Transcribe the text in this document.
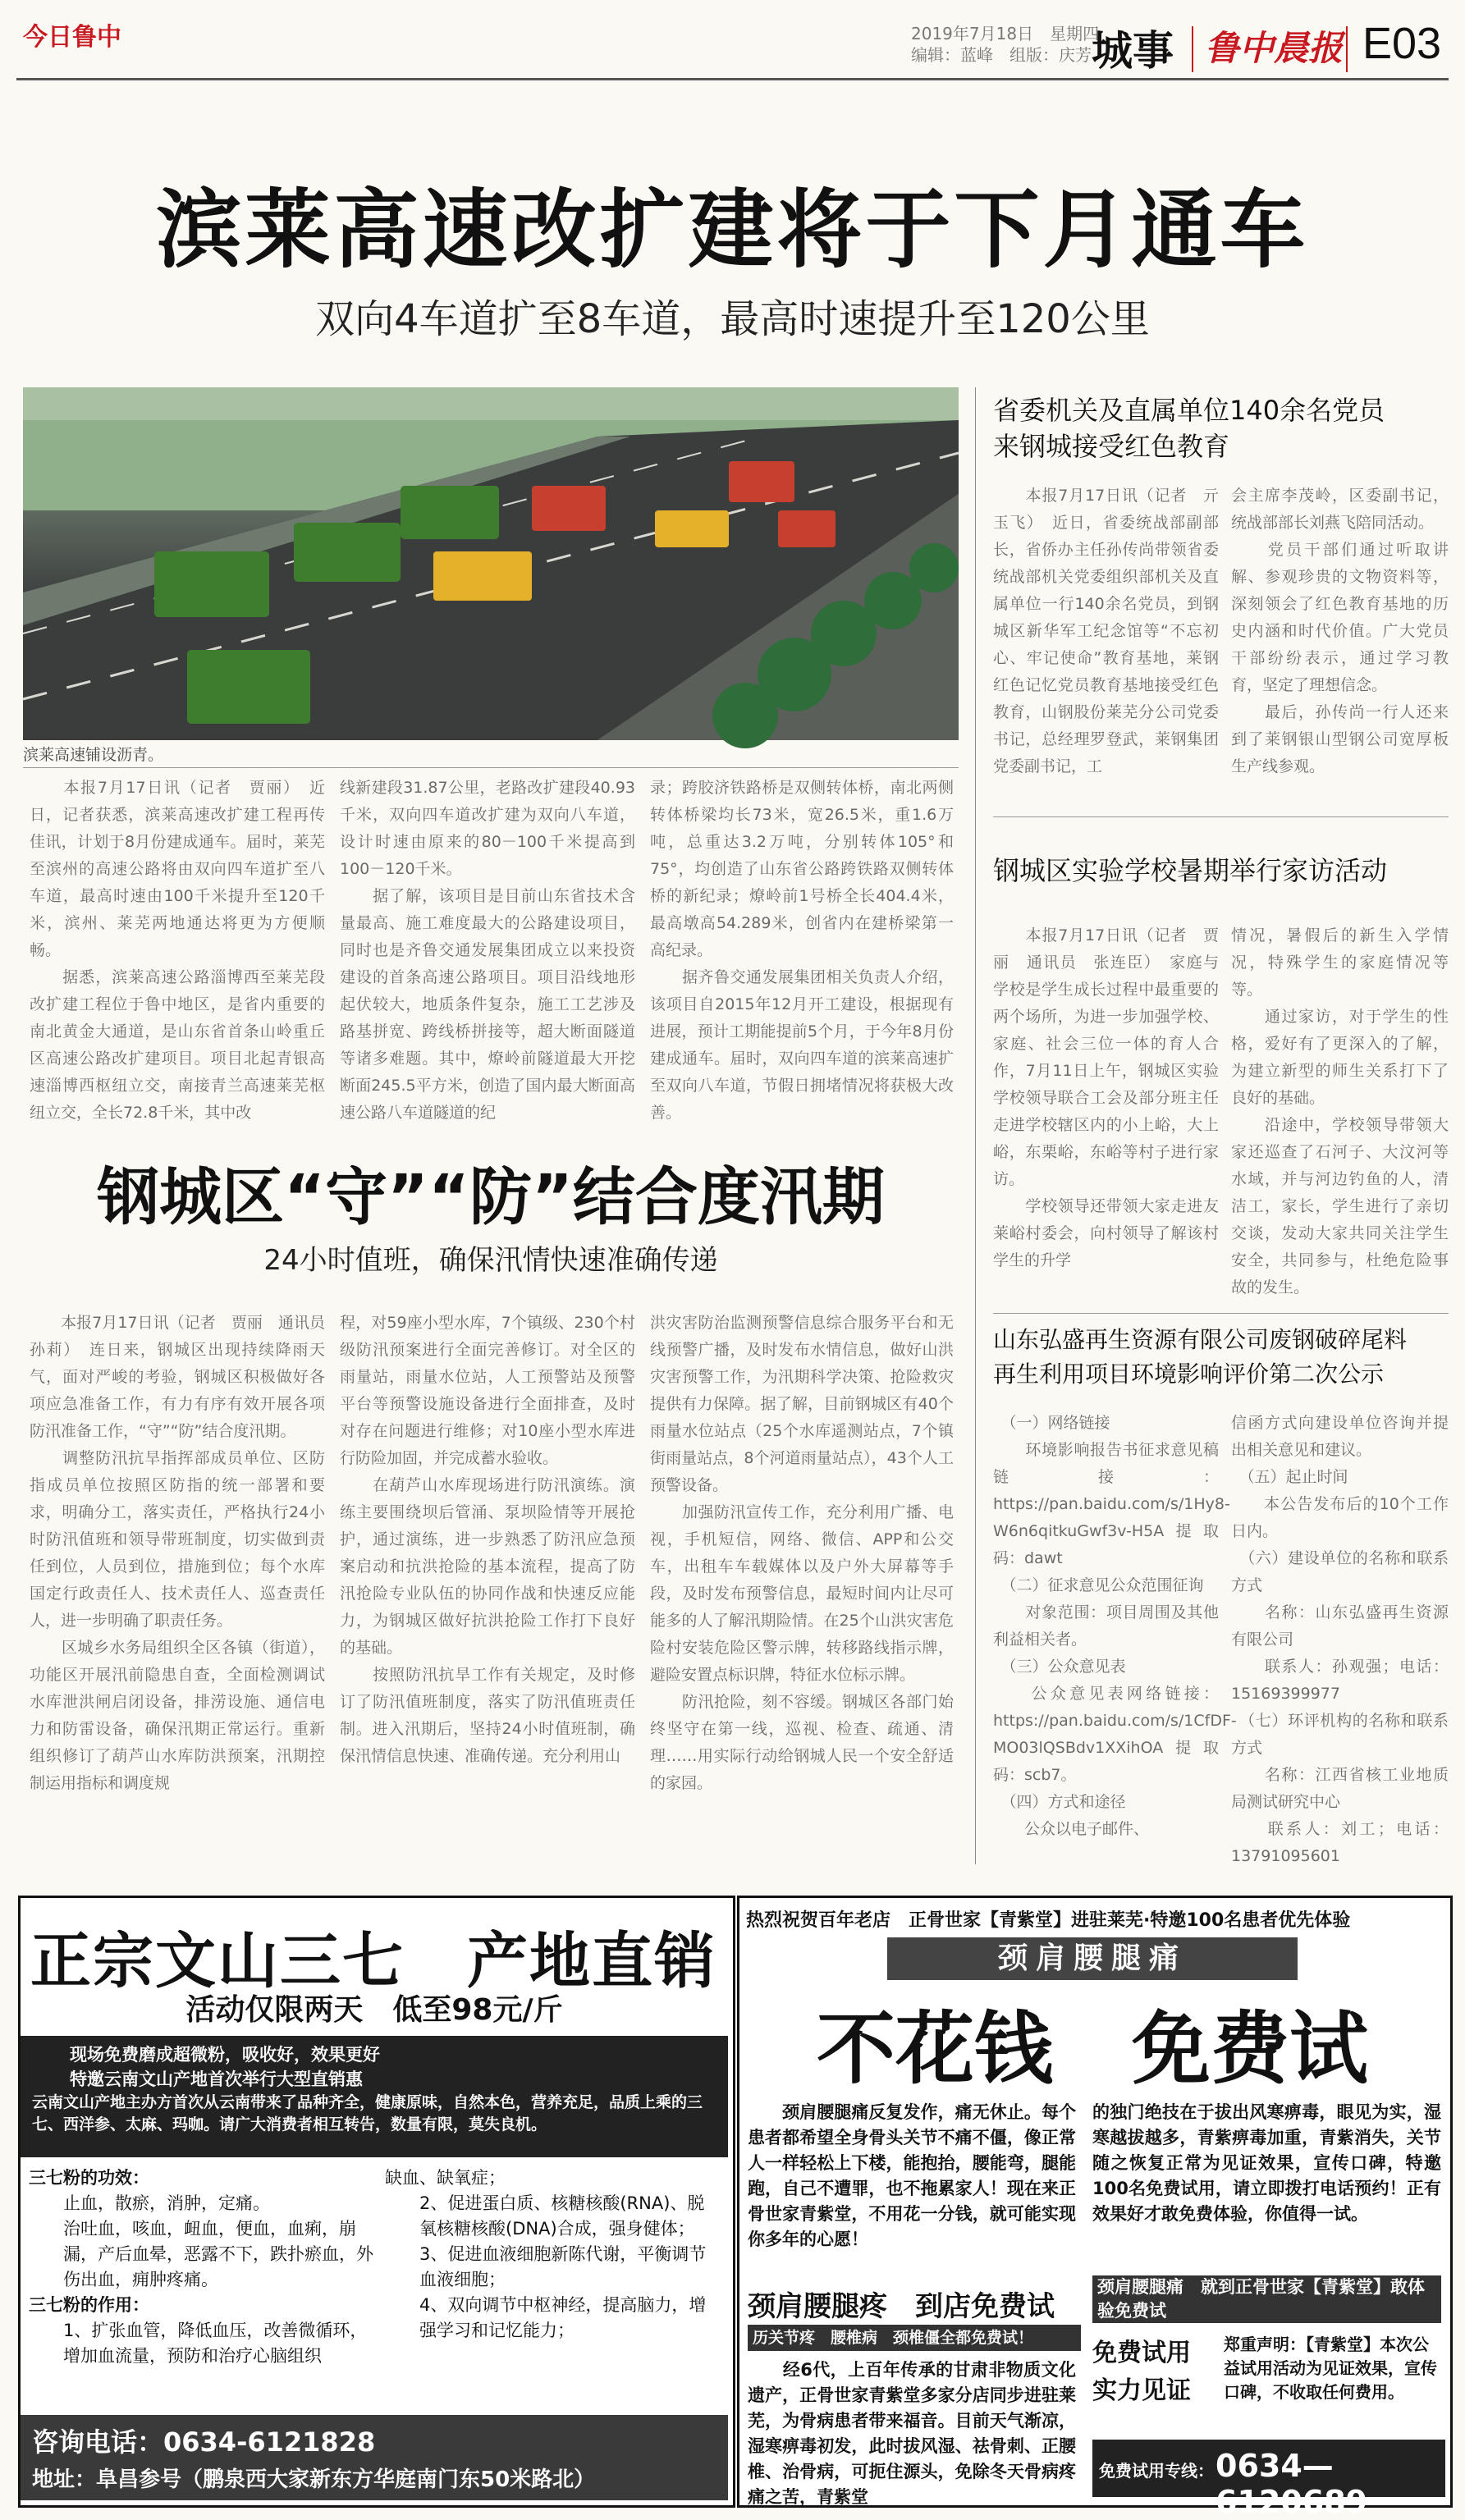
今日鲁中	2019年7月18日　星期四
编辑：蓝峰　组版：庆芳 城事 鲁中晨报 E03
滨莱高速改扩建将于下月通车
双向4车道扩至8车道，最高时速提升至120公里
滨莱高速铺设沥青。
　　本报7月17日讯（记者　贾丽）　近日，记者获悉，滨莱高速改扩建工程再传佳讯，计划于8月份建成通车。届时，莱芜至滨州的高速公路将由双向四车道扩至八车道，最高时速由100千米提升至120千米，滨州、莱芜两地通达将更为方便顺畅。
　　据悉，滨莱高速公路淄博西至莱芜段改扩建工程位于鲁中地区，是省内重要的南北黄金大通道，是山东省首条山岭重丘区高速公路改扩建项目。项目北起青银高速淄博西枢纽立交，南接青兰高速莱芜枢纽立交，全长72.8千米，其中改
线新建段31.87公里，老路改扩建段40.93千米，双向四车道改扩建为双向八车道，设计时速由原来的80－100千米提高到100－120千米。
　　据了解，该项目是目前山东省技术含量最高、施工难度最大的公路建设项目，同时也是齐鲁交通发展集团成立以来投资建设的首条高速公路项目。项目沿线地形起伏较大，地质条件复杂，施工工艺涉及路基拼宽、跨线桥拼接等，超大断面隧道等诸多难题。其中，燎岭前隧道最大开挖断面245.5平方米，创造了国内最大断面高速公路八车道隧道的纪
录；跨胶济铁路桥是双侧转体桥，南北两侧转体桥梁均长73米，宽26.5米，重1.6万吨，总重达3.2万吨，分别转体105°和75°，均创造了山东省公路跨铁路双侧转体桥的新纪录；燎岭前1号桥全长404.4米，最高墩高54.289米，创省内在建桥梁第一高纪录。
　　据齐鲁交通发展集团相关负责人介绍，该项目自2015年12月开工建设，根据现有进展，预计工期能提前5个月，于今年8月份建成通车。届时，双向四车道的滨莱高速扩至双向八车道，节假日拥堵情况将获极大改善。
钢城区“守”“防”结合度汛期
24小时值班，确保汛情快速准确传递
　　本报7月17日讯（记者　贾丽　通讯员　孙莉）　连日来，钢城区出现持续降雨天气，面对严峻的考验，钢城区积极做好各项应急准备工作，有力有序有效开展各项防汛准备工作，“守”“防”结合度汛期。
　　调整防汛抗旱指挥部成员单位、区防指成员单位按照区防指的统一部署和要求，明确分工，落实责任，严格执行24小时防汛值班和领导带班制度，切实做到责任到位，人员到位，措施到位；每个水库国定行政责任人、技术责任人、巡查责任人，进一步明确了职责任务。
　　区城乡水务局组织全区各镇（街道），功能区开展汛前隐患自查，全面检测调试水库泄洪闸启闭设备，排涝设施、通信电力和防雷设备，确保汛期正常运行。重新组织修订了葫芦山水库防洪预案，汛期控制运用指标和调度规
程，对59座小型水库，7个镇级、230个村级防汛预案进行全面完善修订。对全区的雨量站，雨量水位站，人工预警站及预警平台等预警设施设备进行全面排查，及时对存在问题进行维修；对10座小型水库进行防险加固，并完成蓄水验收。
　　在葫芦山水库现场进行防汛演练。演练主要围绕坝后管涌、泵坝险情等开展抢护，通过演练，进一步熟悉了防汛应急预案启动和抗洪抢险的基本流程，提高了防汛抢险专业队伍的协同作战和快速反应能力，为钢城区做好抗洪抢险工作打下良好的基础。
　　按照防汛抗旱工作有关规定，及时修订了防汛值班制度，落实了防汛值班责任制。进入汛期后，坚持24小时值班制，确保汛情信息快速、准确传递。充分利用山
洪灾害防治监测预警信息综合服务平台和无线预警广播，及时发布水情信息，做好山洪灾害预警工作，为汛期科学决策、抢险救灾提供有力保障。据了解，目前钢城区有40个雨量水位站点（25个水库遥测站点，7个镇街雨量站点，8个河道雨量站点），43个人工预警设备。
　　加强防汛宣传工作，充分利用广播、电视，手机短信，网络、微信、APP和公交车，出租车车载媒体以及户外大屏幕等手段，及时发布预警信息，最短时间内让尽可能多的人了解汛期险情。在25个山洪灾害危险村安装危险区警示牌，转移路线指示牌，避险安置点标识牌，特征水位标示牌。
　　防汛抢险，刻不容缓。钢城区各部门始终坚守在第一线，巡视、检查、疏通、清理……用实际行动给钢城人民一个安全舒适的家园。
省委机关及直属单位140余名党员
来钢城接受红色教育
　　本报7月17日讯（记者　亓玉飞）　近日，省委统战部副部长，省侨办主任孙传尚带领省委统战部机关党委组织部机关及直属单位一行140余名党员，到钢城区新华军工纪念馆等“不忘初心、牢记使命”教育基地，莱钢红色记忆党员教育基地接受红色教育，山钢股份莱芜分公司党委书记，总经理罗登武，莱钢集团党委副书记，工
会主席李茂岭，区委副书记，统战部部长刘燕飞陪同活动。
　　党员干部们通过听取讲解、参观珍贵的文物资料等，深刻领会了红色教育基地的历史内涵和时代价值。广大党员干部纷纷表示，通过学习教育，坚定了理想信念。
　　最后，孙传尚一行人还来到了莱钢银山型钢公司宽厚板生产线参观。
钢城区实验学校暑期举行家访活动
　　本报7月17日讯（记者　贾丽　通讯员　张连臣）　家庭与学校是学生成长过程中最重要的两个场所，为进一步加强学校、家庭、社会三位一体的育人合作，7月11日上午，钢城区实验学校领导联合工会及部分班主任走进学校辖区内的小上峪，大上峪，东栗峪，东峪等村子进行家访。
　　学校领导还带领大家走进友莱峪村委会，向村领导了解该村学生的升学
情况，暑假后的新生入学情况，特殊学生的家庭情况等等。
　　通过家访，对于学生的性格，爱好有了更深入的了解，为建立新型的师生关系打下了良好的基础。
　　沿途中，学校领导带领大家还巡查了石河子、大汶河等水域，并与河边钓鱼的人，清洁工，家长，学生进行了亲切交谈，发动大家共同关注学生安全，共同参与，杜绝危险事故的发生。
山东弘盛再生资源有限公司废钢破碎尾料
再生利用项目环境影响评价第二次公示
　（一）网络链接
　　环境影响报告书征求意见稿链接：https://pan.baidu.com/s/1Hy8-W6n6qitkuGwf3v-H5A提取码：dawt
　（二）征求意见公众范围征询
　　对象范围：项目周围及其他利益相关者。
　（三）公众意见表
　　公众意见表网络链接：https://pan.baidu.com/s/1CfDF-MO03lQSBdv1XXihOA提取码：scb7。
　（四）方式和途径
　　公众以电子邮件、
信函方式向建设单位咨询并提出相关意见和建议。
　（五）起止时间
　　本公告发布后的10个工作日内。
　（六）建设单位的名称和联系方式
　　名称：山东弘盛再生资源有限公司
　　联系人：孙观强；电话：15169399977
　（七）环评机构的名称和联系方式
　　名称：江西省核工业地质局测试研究中心
　　联系人：刘工；电话：13791095601
正宗文山三七　产地直销
活动仅限两天　低至98元/斤
现场免费磨成超微粉，吸收好，效果更好
特邀云南文山产地首次举行大型直销惠
云南文山产地主办方首次从云南带来了品种齐全，健康原味，自然本色，营养充足，品质上乘的三七、西洋参、太麻、玛咖。请广大消费者相互转告，数量有限，莫失良机。
三七粉的功效：
止血，散瘀，消肿，定痛。
治吐血，咳血，衄血，便血，血痢，崩漏，产后血晕，恶露不下，跌扑瘀血，外伤出血，痈肿疼痛。
三七粉的作用：
1、扩张血管，降低血压，改善微循环，增加血流量，预防和治疗心脑组织
缺血、缺氧症；
2、促进蛋白质、核糖核酸(RNA)、脱氧核糖核酸(DNA)合成，强身健体；
3、促进血液细胞新陈代谢，平衡调节血液细胞；
4、双向调节中枢神经，提高脑力，增强学习和记忆能力；
咨询电话：0634-6121828
地址：阜昌参号（鹏泉西大家新东方华庭南门东50米路北）
热烈祝贺百年老店　正骨世家【青紫堂】进驻莱芜·特邀100名患者优先体验
颈肩腰腿痛
不花钱　免费试
　　颈肩腰腿痛反复发作，痛无休止。每个患者都希望全身骨头关节不痛不僵，像正常人一样轻松上下楼，能抱抬，腰能弯，腿能跑，自己不遭罪，也不拖累家人！现在来正骨世家青紫堂，不用花一分钱，就可能实现你多年的心愿！
的独门绝技在于拔出风寒痹毒，眼见为实，湿寒越拔越多，青紫痹毒加重，青紫消失，关节随之恢复正常为见证效果，宣传口碑，特邀100名免费试用，请立即拨打电话预约！正有效果好才敢免费体验，你值得一试。
颈肩腰腿疼　到店免费试
历关节疼　腰椎病　颈椎僵全都免费试！
　　经6代，上百年传承的甘肃非物质文化遗产，正骨世家青紫堂多家分店同步进驻莱芜，为骨病患者带来福音。目前天气渐凉，湿寒痹毒初发，此时拔风湿、祛骨刺、正腰椎、治骨病，可扼住源头，免除冬天骨病疼痛之苦，青紫堂
颈肩腰腿痛　就到正骨世家【青紫堂】敢体验免费试
免费试用
实力见证
郑重声明：【青紫堂】本次公益试用活动为见证效果，宣传口碑，不收取任何费用。
免费试用专线： 0634—6120689
